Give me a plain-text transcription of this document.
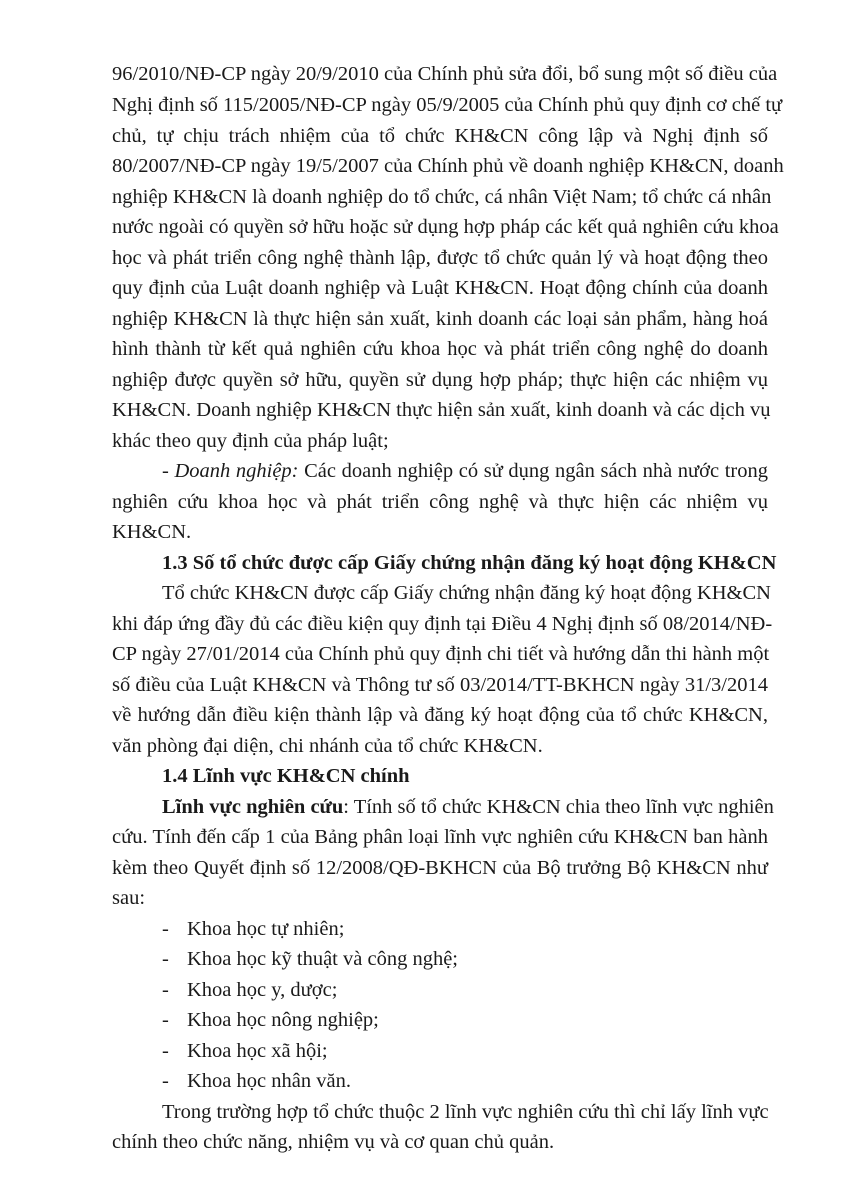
96/2010/NĐ-CP ngày 20/9/2010 của Chính phủ sửa đổi, bổ sung một số điều của
Nghị định số 115/2005/NĐ-CP ngày 05/9/2005 của Chính phủ quy định cơ chế tự
chủ, tự chịu trách nhiệm của tổ chức KH&CN công lập và Nghị định số
80/2007/NĐ-CP ngày 19/5/2007 của Chính phủ về doanh nghiệp KH&CN, doanh
nghiệp KH&CN là doanh nghiệp do tổ chức, cá nhân Việt Nam; tổ chức cá nhân
nước ngoài có quyền sở hữu hoặc sử dụng hợp pháp các kết quả nghiên cứu khoa
học và phát triển công nghệ thành lập, được tổ chức quản lý và hoạt động theo
quy định của Luật doanh nghiệp và Luật KH&CN. Hoạt động chính của doanh
nghiệp KH&CN là thực hiện sản xuất, kinh doanh các loại sản phẩm, hàng hoá
hình thành từ kết quả nghiên cứu khoa học và phát triển công nghệ do doanh
nghiệp được quyền sở hữu, quyền sử dụng hợp pháp; thực hiện các nhiệm vụ
KH&CN. Doanh nghiệp KH&CN thực hiện sản xuất, kinh doanh và các dịch vụ
khác theo quy định của pháp luật;
- Doanh nghiệp: Các doanh nghiệp có sử dụng ngân sách nhà nước trong
nghiên cứu khoa học và phát triển công nghệ và thực hiện các nhiệm vụ
KH&CN.
1.3 Số tổ chức được cấp Giấy chứng nhận đăng ký hoạt động KH&CN
Tổ chức KH&CN được cấp Giấy chứng nhận đăng ký hoạt động KH&CN
khi đáp ứng đầy đủ các điều kiện quy định tại Điều 4 Nghị định số 08/2014/NĐ-
CP ngày 27/01/2014 của Chính phủ quy định chi tiết và hướng dẫn thi hành một
số điều của Luật KH&CN và Thông tư số 03/2014/TT-BKHCN ngày 31/3/2014
về hướng dẫn điều kiện thành lập và đăng ký hoạt động của tổ chức KH&CN,
văn phòng đại diện, chi nhánh của tổ chức KH&CN.
1.4 Lĩnh vực KH&CN chính
Lĩnh vực nghiên cứu: Tính số tổ chức KH&CN chia theo lĩnh vực nghiên
cứu. Tính đến cấp 1 của Bảng phân loại lĩnh vực nghiên cứu KH&CN ban hành
kèm theo Quyết định số 12/2008/QĐ-BKHCN của Bộ trưởng Bộ KH&CN như
sau:
- Khoa học tự nhiên;
- Khoa học kỹ thuật và công nghệ;
- Khoa học y, dược;
- Khoa học nông nghiệp;
- Khoa học xã hội;
- Khoa học nhân văn.
Trong trường hợp tổ chức thuộc 2 lĩnh vực nghiên cứu thì chỉ lấy lĩnh vực
chính theo chức năng, nhiệm vụ và cơ quan chủ quản.
